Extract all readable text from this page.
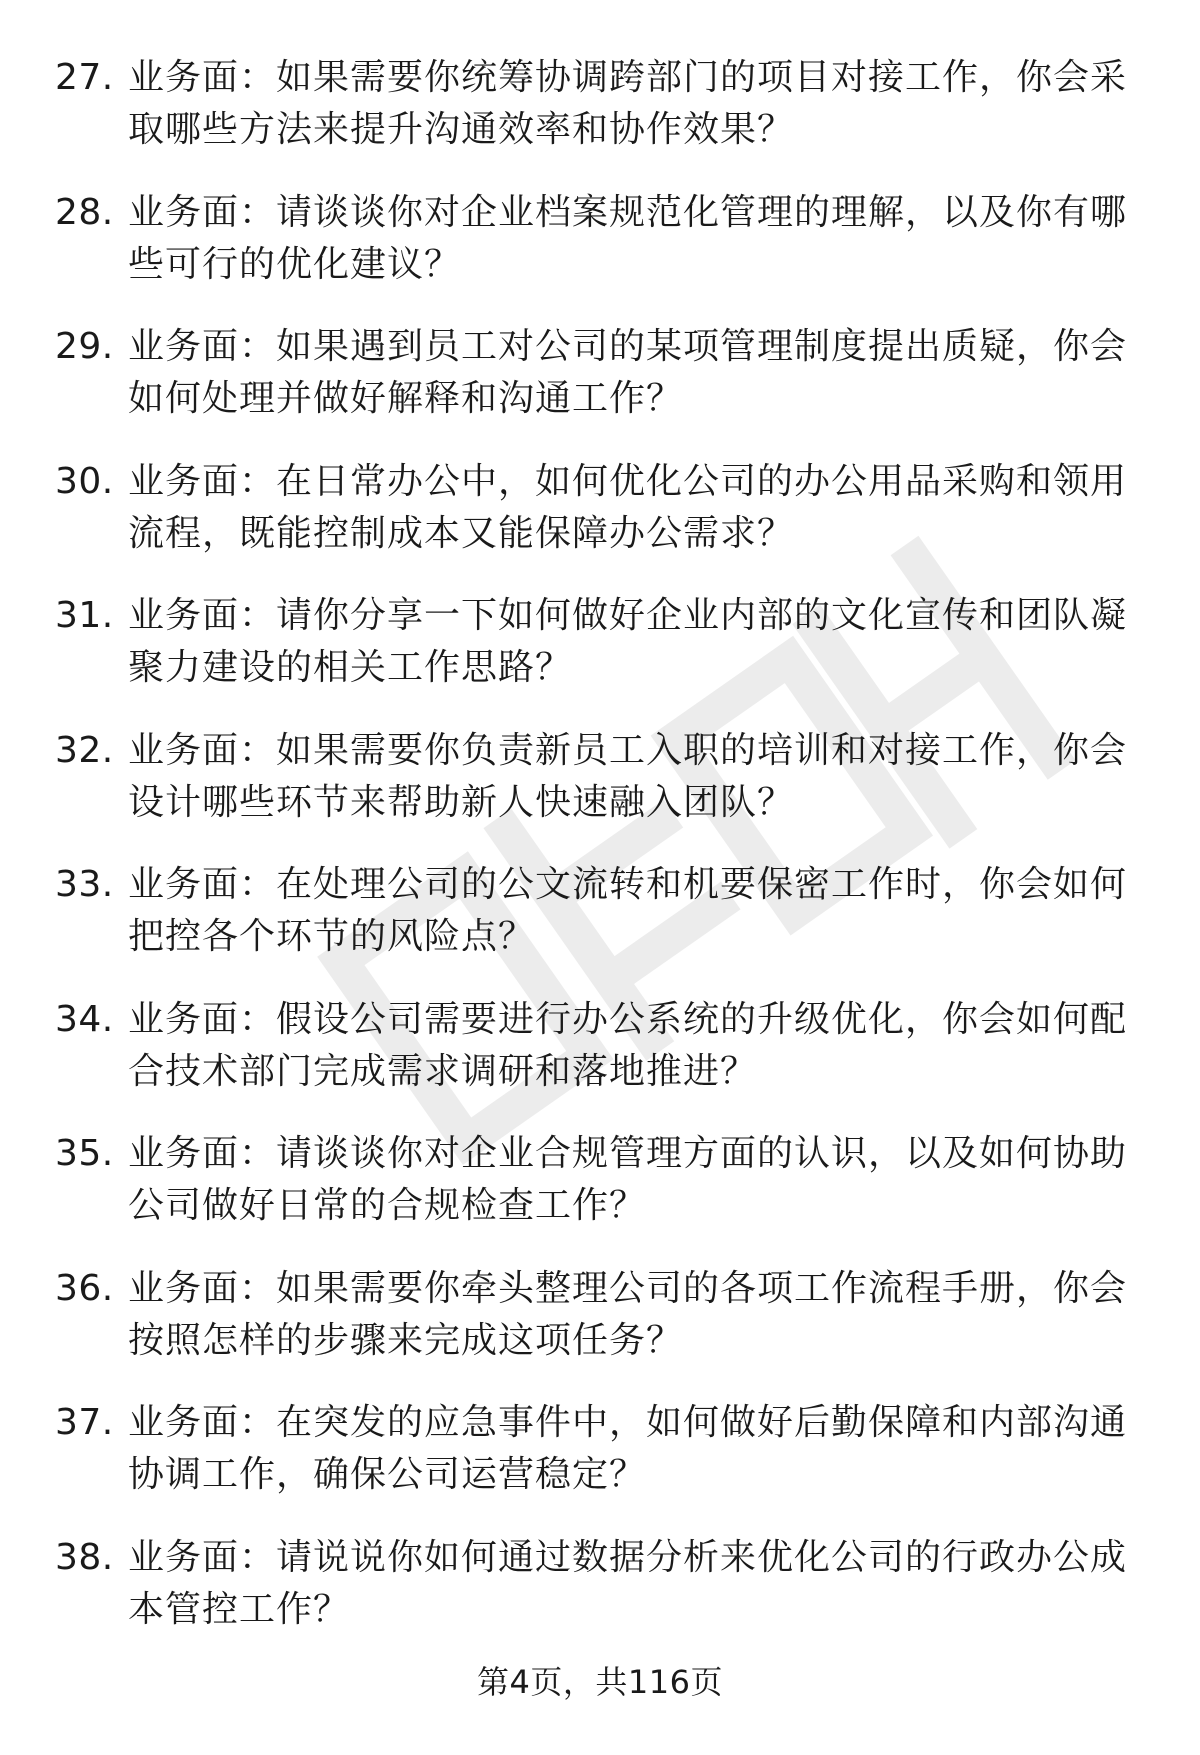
27. 业务面：如果需要你统筹协调跨部门的项目对接工作，你会采取哪些方法来提升沟通效率和协作效果？
28. 业务面：请谈谈你对企业档案规范化管理的理解，以及你有哪些可行的优化建议？
29. 业务面：如果遇到员工对公司的某项管理制度提出质疑，你会如何处理并做好解释和沟通工作？
30. 业务面：在日常办公中，如何优化公司的办公用品采购和领用流程，既能控制成本又能保障办公需求？
31. 业务面：请你分享一下如何做好企业内部的文化宣传和团队凝聚力建设的相关工作思路？
32. 业务面：如果需要你负责新员工入职的培训和对接工作，你会设计哪些环节来帮助新人快速融入团队？
33. 业务面：在处理公司的公文流转和机要保密工作时，你会如何把控各个环节的风险点？
34. 业务面：假设公司需要进行办公系统的升级优化，你会如何配合技术部门完成需求调研和落地推进？
35. 业务面：请谈谈你对企业合规管理方面的认识，以及如何协助公司做好日常的合规检查工作？
36. 业务面：如果需要你牵头整理公司的各项工作流程手册，你会按照怎样的步骤来完成这项任务？
37. 业务面：在突发的应急事件中，如何做好后勤保障和内部沟通协调工作，确保公司运营稳定？
38. 业务面：请说说你如何通过数据分析来优化公司的行政办公成本管控工作？
第4页，共116页
